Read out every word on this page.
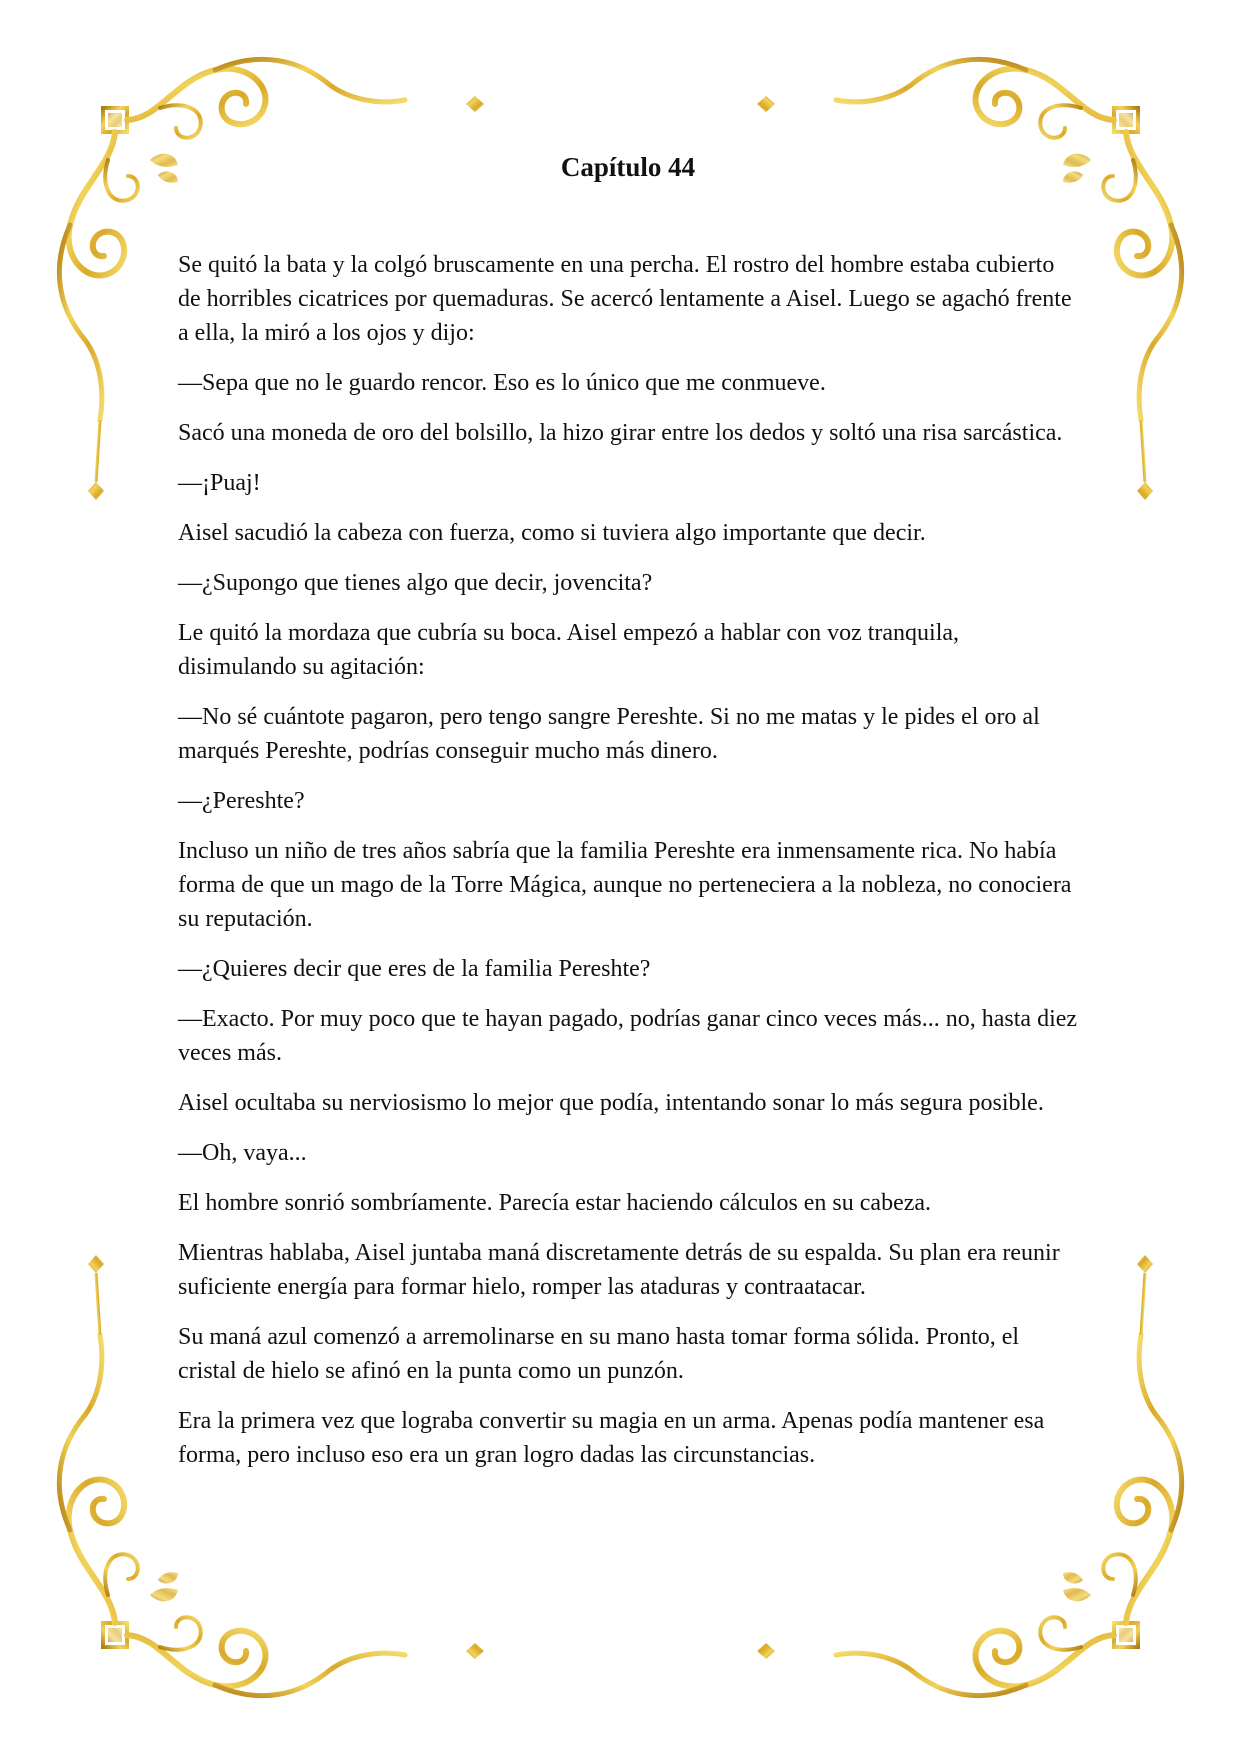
Capítulo 44

Se quitó la bata y la colgó bruscamente en una percha. El rostro del hombre estaba cubierto de horribles cicatrices por quemaduras. Se acercó lentamente a Aisel. Luego se agachó frente a ella, la miró a los ojos y dijo:

—Sepa que no le guardo rencor. Eso es lo único que me conmueve.

Sacó una moneda de oro del bolsillo, la hizo girar entre los dedos y soltó una risa sarcástica.

—¡Puaj!

Aisel sacudió la cabeza con fuerza, como si tuviera algo importante que decir.

—¿Supongo que tienes algo que decir, jovencita?

Le quitó la mordaza que cubría su boca. Aisel empezó a hablar con voz tranquila, disimulando su agitación:

—No sé cuántote pagaron, pero tengo sangre Pereshte. Si no me matas y le pides el oro al marqués Pereshte, podrías conseguir mucho más dinero.

—¿Pereshte?

Incluso un niño de tres años sabría que la familia Pereshte era inmensamente rica. No había forma de que un mago de la Torre Mágica, aunque no perteneciera a la nobleza, no conociera su reputación.

—¿Quieres decir que eres de la familia Pereshte?

—Exacto. Por muy poco que te hayan pagado, podrías ganar cinco veces más... no, hasta diez veces más.

Aisel ocultaba su nerviosismo lo mejor que podía, intentando sonar lo más segura posible.

—Oh, vaya...

El hombre sonrió sombríamente. Parecía estar haciendo cálculos en su cabeza.

Mientras hablaba, Aisel juntaba maná discretamente detrás de su espalda. Su plan era reunir suficiente energía para formar hielo, romper las ataduras y contraatacar.

Su maná azul comenzó a arremolinarse en su mano hasta tomar forma sólida. Pronto, el cristal de hielo se afinó en la punta como un punzón.

Era la primera vez que lograba convertir su magia en un arma. Apenas podía mantener esa forma, pero incluso eso era un gran logro dadas las circunstancias.
